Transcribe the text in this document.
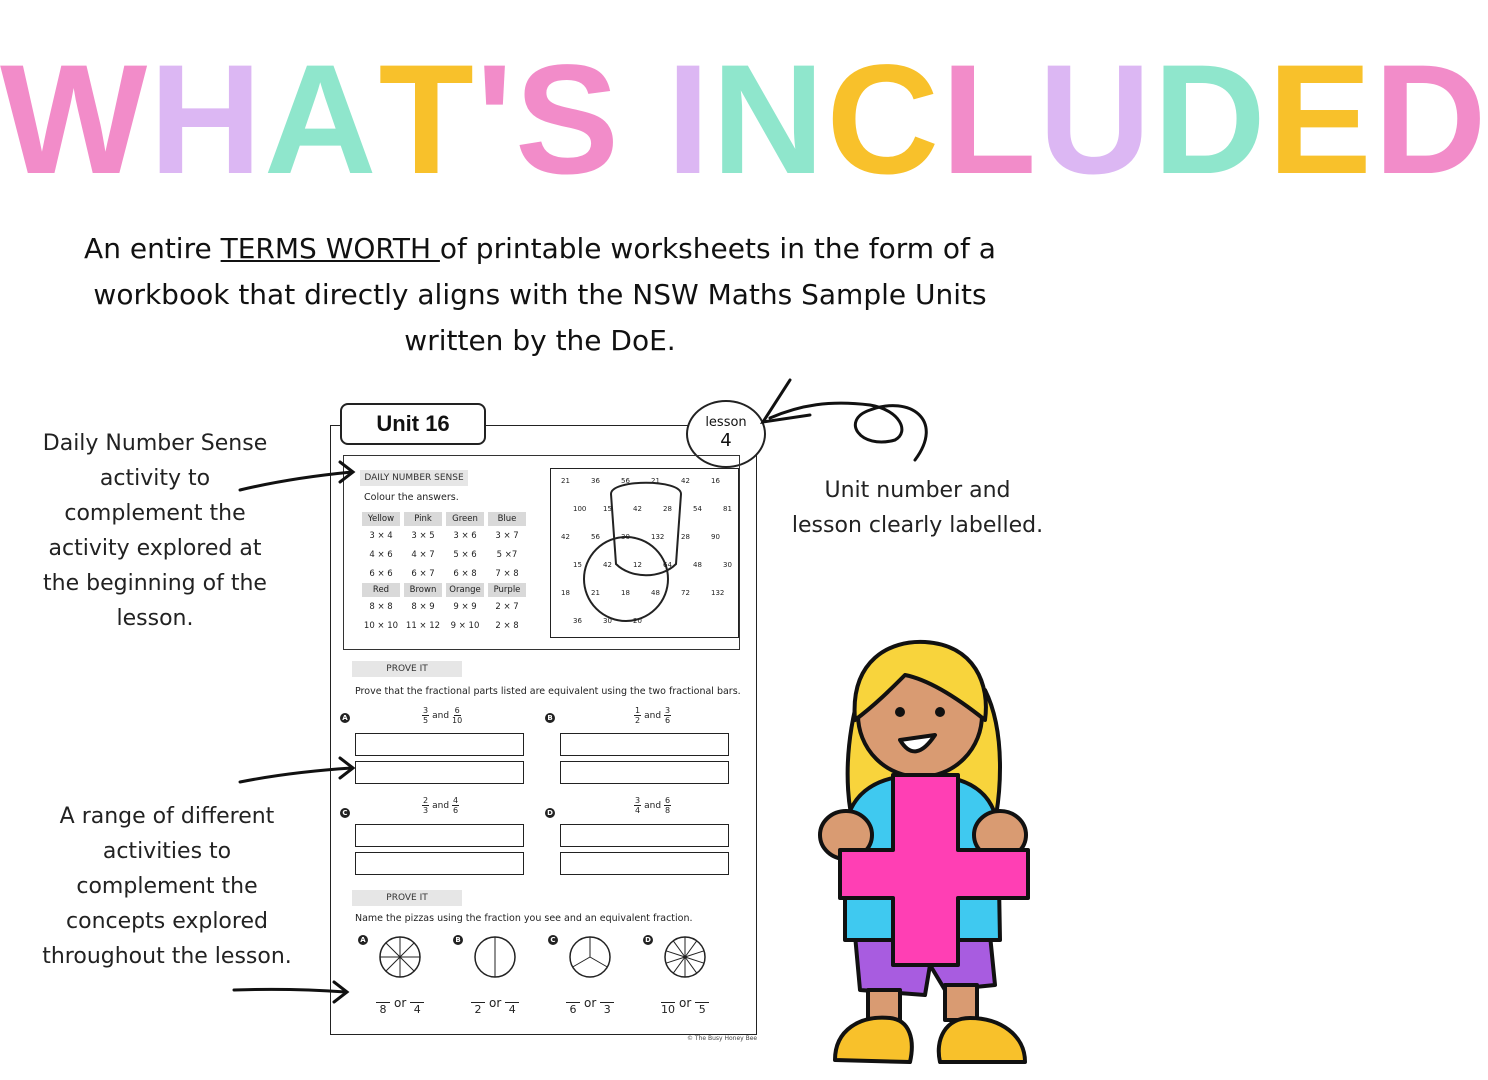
WHAT'S INCLUDED
An entire TERMS WORTH of printable worksheets in the form of a workbook that directly aligns with the NSW Maths Sample Units written by the DoE.
Daily Number Sense activity to complement the activity explored at the beginning of the lesson.
A range of different activities to complement the concepts explored throughout the lesson.
Unit number and lesson clearly labelled.
Unit 16	lesson
4
DAILY NUMBER SENSE
Colour the answers.
Yellow	Pink	Green	Blue
3 × 4	3 × 5	3 × 6	3 × 7
4 × 6	4 × 7	5 × 6	5 ×7
6 × 6	6 × 7	6 × 8	7 × 8
Red	Brown	Orange	Purple
8 × 8	8 × 9	9 × 9	2 × 7
10 × 10	11 × 12	9 × 10	2 × 8
21	36	56	21	42	16
100 15	42	28	54	81
42	56	30	132 28	90
15	42	12	64	48	30
18	21	18	48	72	132
36	30	20
PROVE IT
Prove that the fractional parts listed are equivalent using the two fractional bars.
A	$\frac{3}{5}$ and $\frac{6}{10}$	B	$\frac{1}{2}$ and $\frac{3}{6}$
C	$\frac{2}{3}$ and $\frac{4}{6}$	D	$\frac{3}{4}$ and $\frac{6}{8}$
PROVE IT
Name the pizzas using the fraction you see and an equivalent fraction.
A
8 or 4
B
2 or 4
C
6 or 3
D
10 or 5
© The Busy Honey Bee
